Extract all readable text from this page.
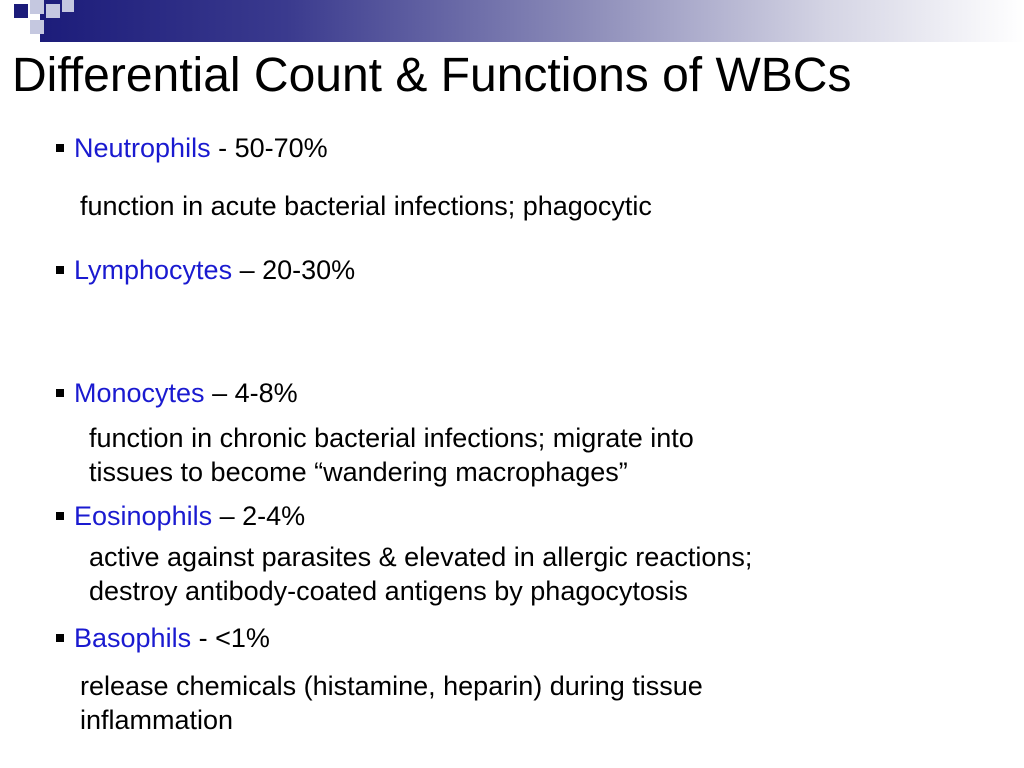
Differential Count & Functions of WBCs
Neutrophils - 50-70%
function in acute bacterial infections; phagocytic
Lymphocytes – 20-30%
Monocytes – 4-8%
function in chronic bacterial infections; migrate into
tissues to become “wandering macrophages”
Eosinophils – 2-4%
active against parasites & elevated in allergic reactions;
destroy antibody-coated antigens by phagocytosis
Basophils - <1%
release chemicals (histamine, heparin) during tissue
inflammation
